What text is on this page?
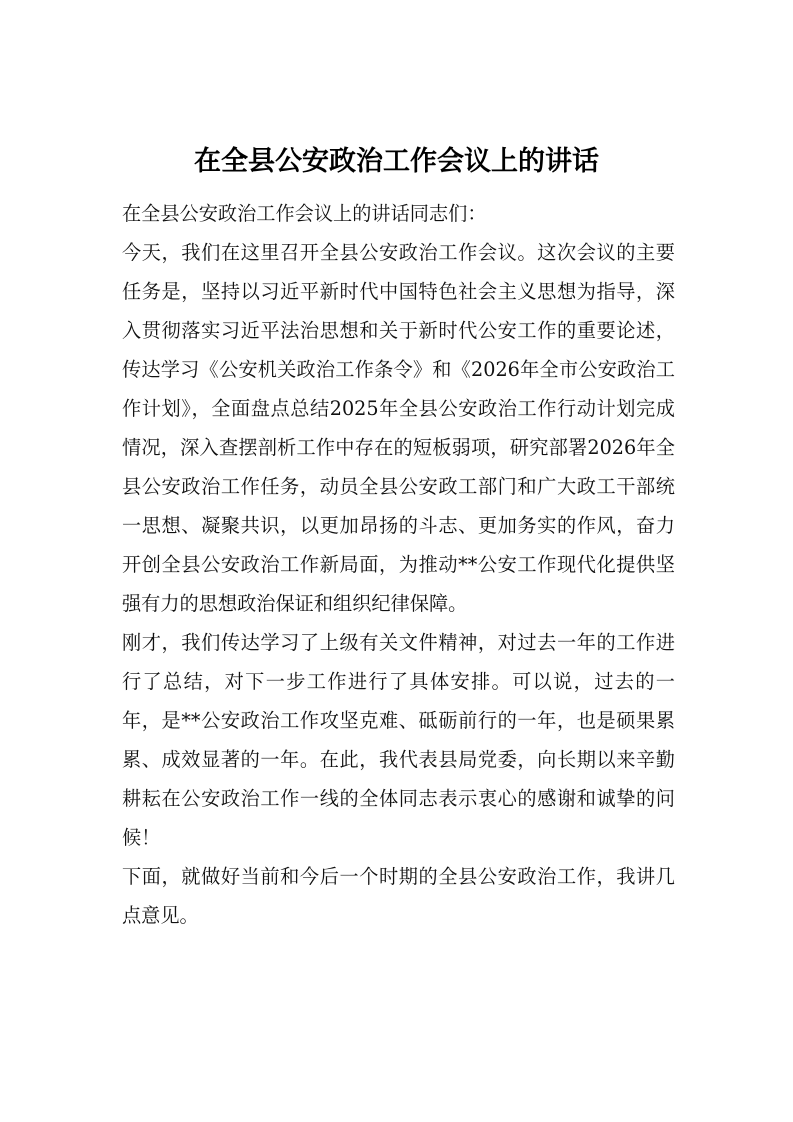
在全县公安政治工作会议上的讲话

在全县公安政治工作会议上的讲话同志们：

今天，我们在这里召开全县公安政治工作会议。这次会议的主要任务是，坚持以习近平新时代中国特色社会主义思想为指导，深入贯彻落实习近平法治思想和关于新时代公安工作的重要论述，传达学习《公安机关政治工作条令》和《2026年全市公安政治工作计划》，全面盘点总结2025年全县公安政治工作行动计划完成情况，深入查摆剖析工作中存在的短板弱项，研究部署2026年全县公安政治工作任务，动员全县公安政工部门和广大政工干部统一思想、凝聚共识，以更加昂扬的斗志、更加务实的作风，奋力开创全县公安政治工作新局面，为推动**公安工作现代化提供坚强有力的思想政治保证和组织纪律保障。

刚才，我们传达学习了上级有关文件精神，对过去一年的工作进行了总结，对下一步工作进行了具体安排。可以说，过去的一年，是**公安政治工作攻坚克难、砥砺前行的一年，也是硕果累累、成效显著的一年。在此，我代表县局党委，向长期以来辛勤耕耘在公安政治工作一线的全体同志表示衷心的感谢和诚挚的问候！

下面，就做好当前和今后一个时期的全县公安政治工作，我讲几点意见。
